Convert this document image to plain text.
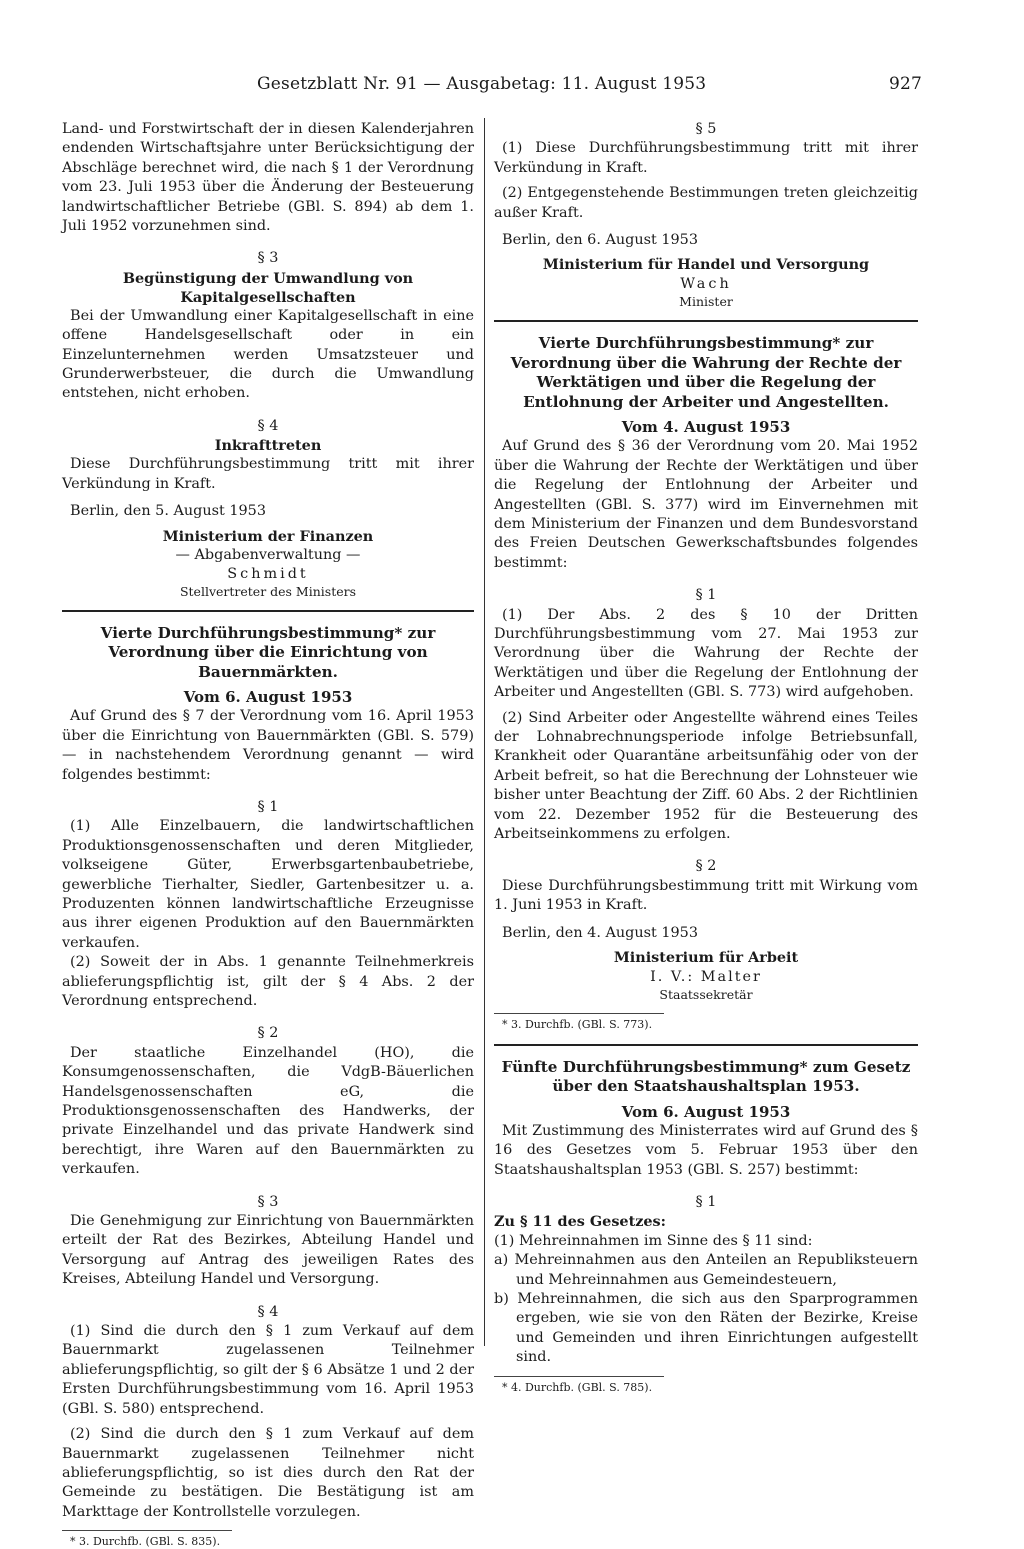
Gesetzblatt Nr. 91 — Ausgabetag: 11. August 1953	927

Land- und Forstwirtschaft der in diesen Kalenderjahren endenden Wirtschaftsjahre unter Berücksichtigung der Abschläge berechnet wird, die nach § 1 der Verordnung vom 23. Juli 1953 über die Änderung der Besteuerung landwirtschaftlicher Betriebe (GBl. S. 894) ab dem 1. Juli 1952 vorzunehmen sind.

§ 3
Begünstigung der Umwandlung von Kapitalgesellschaften

Bei der Umwandlung einer Kapitalgesellschaft in eine offene Handelsgesellschaft oder in ein Einzelunternehmen werden Umsatzsteuer und Grunderwerbsteuer, die durch die Umwandlung entstehen, nicht erhoben.

§ 4
Inkrafttreten

Diese Durchführungsbestimmung tritt mit ihrer Verkündung in Kraft.

Berlin, den 5. August 1953

Ministerium der Finanzen
— Abgabenverwaltung —
Schmidt
Stellvertreter des Ministers
Vierte Durchführungsbestimmung* zur Verordnung über die Einrichtung von Bauernmärkten.
Vom 6. August 1953

Auf Grund des § 7 der Verordnung vom 16. April 1953 über die Einrichtung von Bauernmärkten (GBl. S. 579) — in nachstehendem Verordnung genannt — wird folgendes bestimmt:

§ 1

(1) Alle Einzelbauern, die landwirtschaftlichen Produktionsgenossenschaften und deren Mitglieder, volkseigene Güter, Erwerbsgartenbaubetriebe, gewerbliche Tierhalter, Siedler, Gartenbesitzer u. a. Produzenten können landwirtschaftliche Erzeugnisse aus ihrer eigenen Produktion auf den Bauernmärkten verkaufen.

(2) Soweit der in Abs. 1 genannte Teilnehmerkreis ablieferungspflichtig ist, gilt der § 4 Abs. 2 der Verordnung entsprechend.

§ 2

Der staatliche Einzelhandel (HO), die Konsumgenossenschaften, die VdgB-Bäuerlichen Handelsgenossenschaften eG, die Produktionsgenossenschaften des Handwerks, der private Einzelhandel und das private Handwerk sind berechtigt, ihre Waren auf den Bauernmärkten zu verkaufen.

§ 3

Die Genehmigung zur Einrichtung von Bauernmärkten erteilt der Rat des Bezirkes, Abteilung Handel und Versorgung auf Antrag des jeweiligen Rates des Kreises, Abteilung Handel und Versorgung.

§ 4

(1) Sind die durch den § 1 zum Verkauf auf dem Bauernmarkt zugelassenen Teilnehmer ablieferungspflichtig, so gilt der § 6 Absätze 1 und 2 der Ersten Durchführungsbestimmung vom 16. April 1953 (GBl. S. 580) entsprechend.

(2) Sind die durch den § 1 zum Verkauf auf dem Bauernmarkt zugelassenen Teilnehmer nicht ablieferungspflichtig, so ist dies durch den Rat der Gemeinde zu bestätigen. Die Bestätigung ist am Markttage der Kontrollstelle vorzulegen.

* 3. Durchfb. (GBl. S. 835).
§ 5

(1) Diese Durchführungsbestimmung tritt mit ihrer Verkündung in Kraft.

(2) Entgegenstehende Bestimmungen treten gleichzeitig außer Kraft.

Berlin, den 6. August 1953

Ministerium für Handel und Versorgung
Wach
Minister
Vierte Durchführungsbestimmung* zur Verordnung über die Wahrung der Rechte der Werktätigen und über die Regelung der Entlohnung der Arbeiter und Angestellten.
Vom 4. August 1953

Auf Grund des § 36 der Verordnung vom 20. Mai 1952 über die Wahrung der Rechte der Werktätigen und über die Regelung der Entlohnung der Arbeiter und Angestellten (GBl. S. 377) wird im Einvernehmen mit dem Ministerium der Finanzen und dem Bundesvorstand des Freien Deutschen Gewerkschaftsbundes folgendes bestimmt:

§ 1

(1) Der Abs. 2 des § 10 der Dritten Durchführungsbestimmung vom 27. Mai 1953 zur Verordnung über die Wahrung der Rechte der Werktätigen und über die Regelung der Entlohnung der Arbeiter und Angestellten (GBl. S. 773) wird aufgehoben.

(2) Sind Arbeiter oder Angestellte während eines Teiles der Lohnabrechnungsperiode infolge Betriebsunfall, Krankheit oder Quarantäne arbeitsunfähig oder von der Arbeit befreit, so hat die Berechnung der Lohnsteuer wie bisher unter Beachtung der Ziff. 60 Abs. 2 der Richtlinien vom 22. Dezember 1952 für die Besteuerung des Arbeitseinkommens zu erfolgen.

§ 2

Diese Durchführungsbestimmung tritt mit Wirkung vom 1. Juni 1953 in Kraft.

Berlin, den 4. August 1953

Ministerium für Arbeit
I. V.: Malter
Staatssekretär
* 3. Durchfb. (GBl. S. 773).
Fünfte Durchführungsbestimmung* zum Gesetz über den Staatshaushaltsplan 1953.
Vom 6. August 1953

Mit Zustimmung des Ministerrates wird auf Grund des § 16 des Gesetzes vom 5. Februar 1953 über den Staatshaushaltsplan 1953 (GBl. S. 257) bestimmt:

§ 1

Zu § 11 des Gesetzes:

(1) Mehreinnahmen im Sinne des § 11 sind:

a) Mehreinnahmen aus den Anteilen an Republiksteuern und Mehreinnahmen aus Gemeindesteuern,

b) Mehreinnahmen, die sich aus den Sparprogrammen ergeben, wie sie von den Räten der Bezirke, Kreise und Gemeinden und ihren Einrichtungen aufgestellt sind.

* 4. Durchfb. (GBl. S. 785).
